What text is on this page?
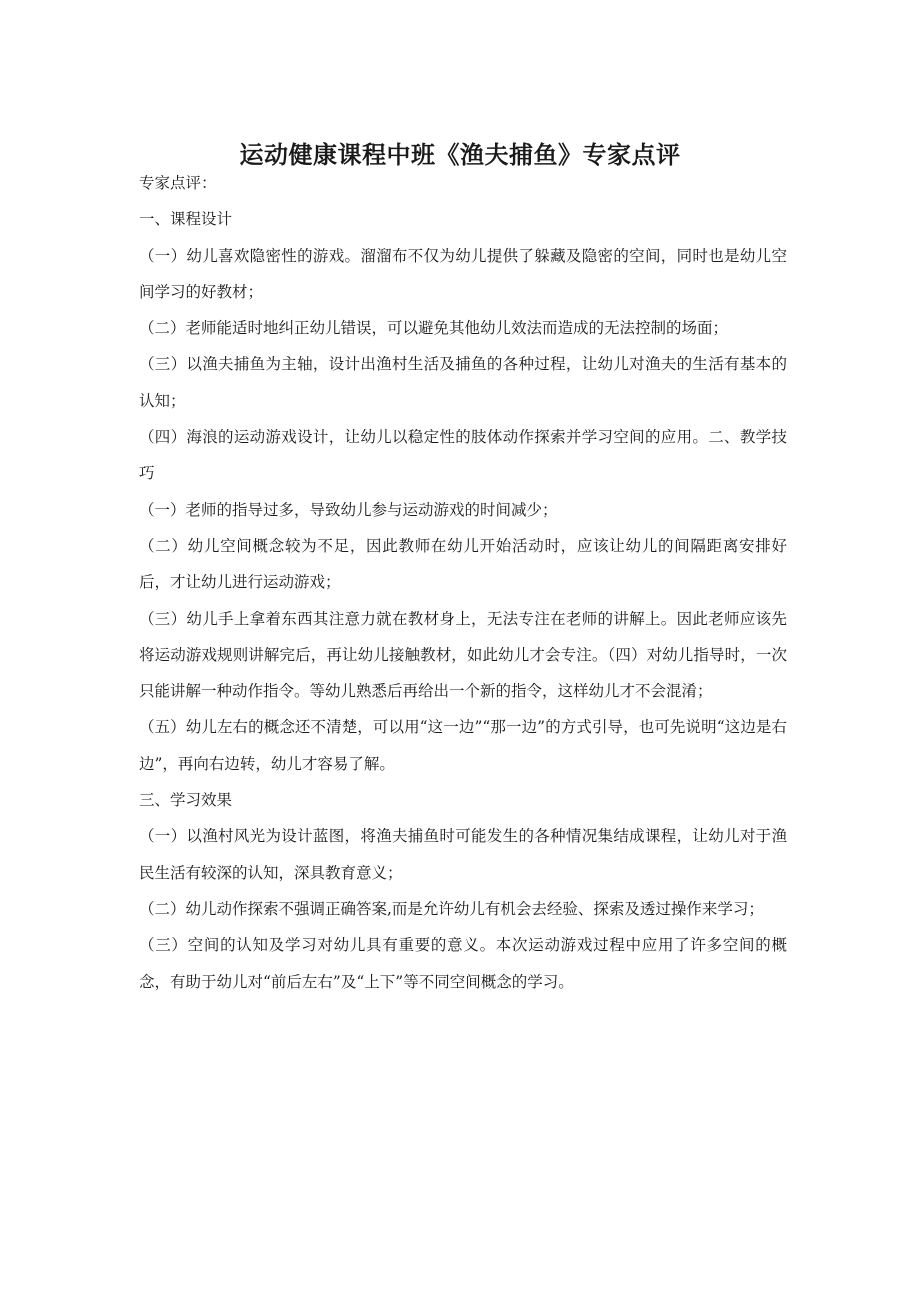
运动健康课程中班《渔夫捕鱼》专家点评

专家点评：

一、课程设计

（一）幼儿喜欢隐密性的游戏。溜溜布不仅为幼儿提供了躲藏及隐密的空间，同时也是幼儿空间学习的好教材；

（二）老师能适时地纠正幼儿错误，可以避免其他幼儿效法而造成的无法控制的场面；

（三）以渔夫捕鱼为主轴，设计出渔村生活及捕鱼的各种过程，让幼儿对渔夫的生活有基本的认知；

（四）海浪的运动游戏设计，让幼儿以稳定性的肢体动作探索并学习空间的应用。二、教学技巧

（一）老师的指导过多，导致幼儿参与运动游戏的时间减少；

（二）幼儿空间概念较为不足，因此教师在幼儿开始活动时，应该让幼儿的间隔距离安排好后，才让幼儿进行运动游戏；

（三）幼儿手上拿着东西其注意力就在教材身上，无法专注在老师的讲解上。因此老师应该先将运动游戏规则讲解完后，再让幼儿接触教材，如此幼儿才会专注。（四）对幼儿指导时，一次只能讲解一种动作指令。等幼儿熟悉后再给出一个新的指令，这样幼儿才不会混淆；

（五）幼儿左右的概念还不清楚，可以用“这一边”“那一边”的方式引导，也可先说明“这边是右边”，再向右边转，幼儿才容易了解。

三、学习效果

（一）以渔村风光为设计蓝图，将渔夫捕鱼时可能发生的各种情况集结成课程，让幼儿对于渔民生活有较深的认知，深具教育意义；

（二）幼儿动作探索不强调正确答案,而是允许幼儿有机会去经验、探索及透过操作来学习；

（三）空间的认知及学习对幼儿具有重要的意义。本次运动游戏过程中应用了许多空间的概念，有助于幼儿对“前后左右”及“上下”等不同空间概念的学习。
